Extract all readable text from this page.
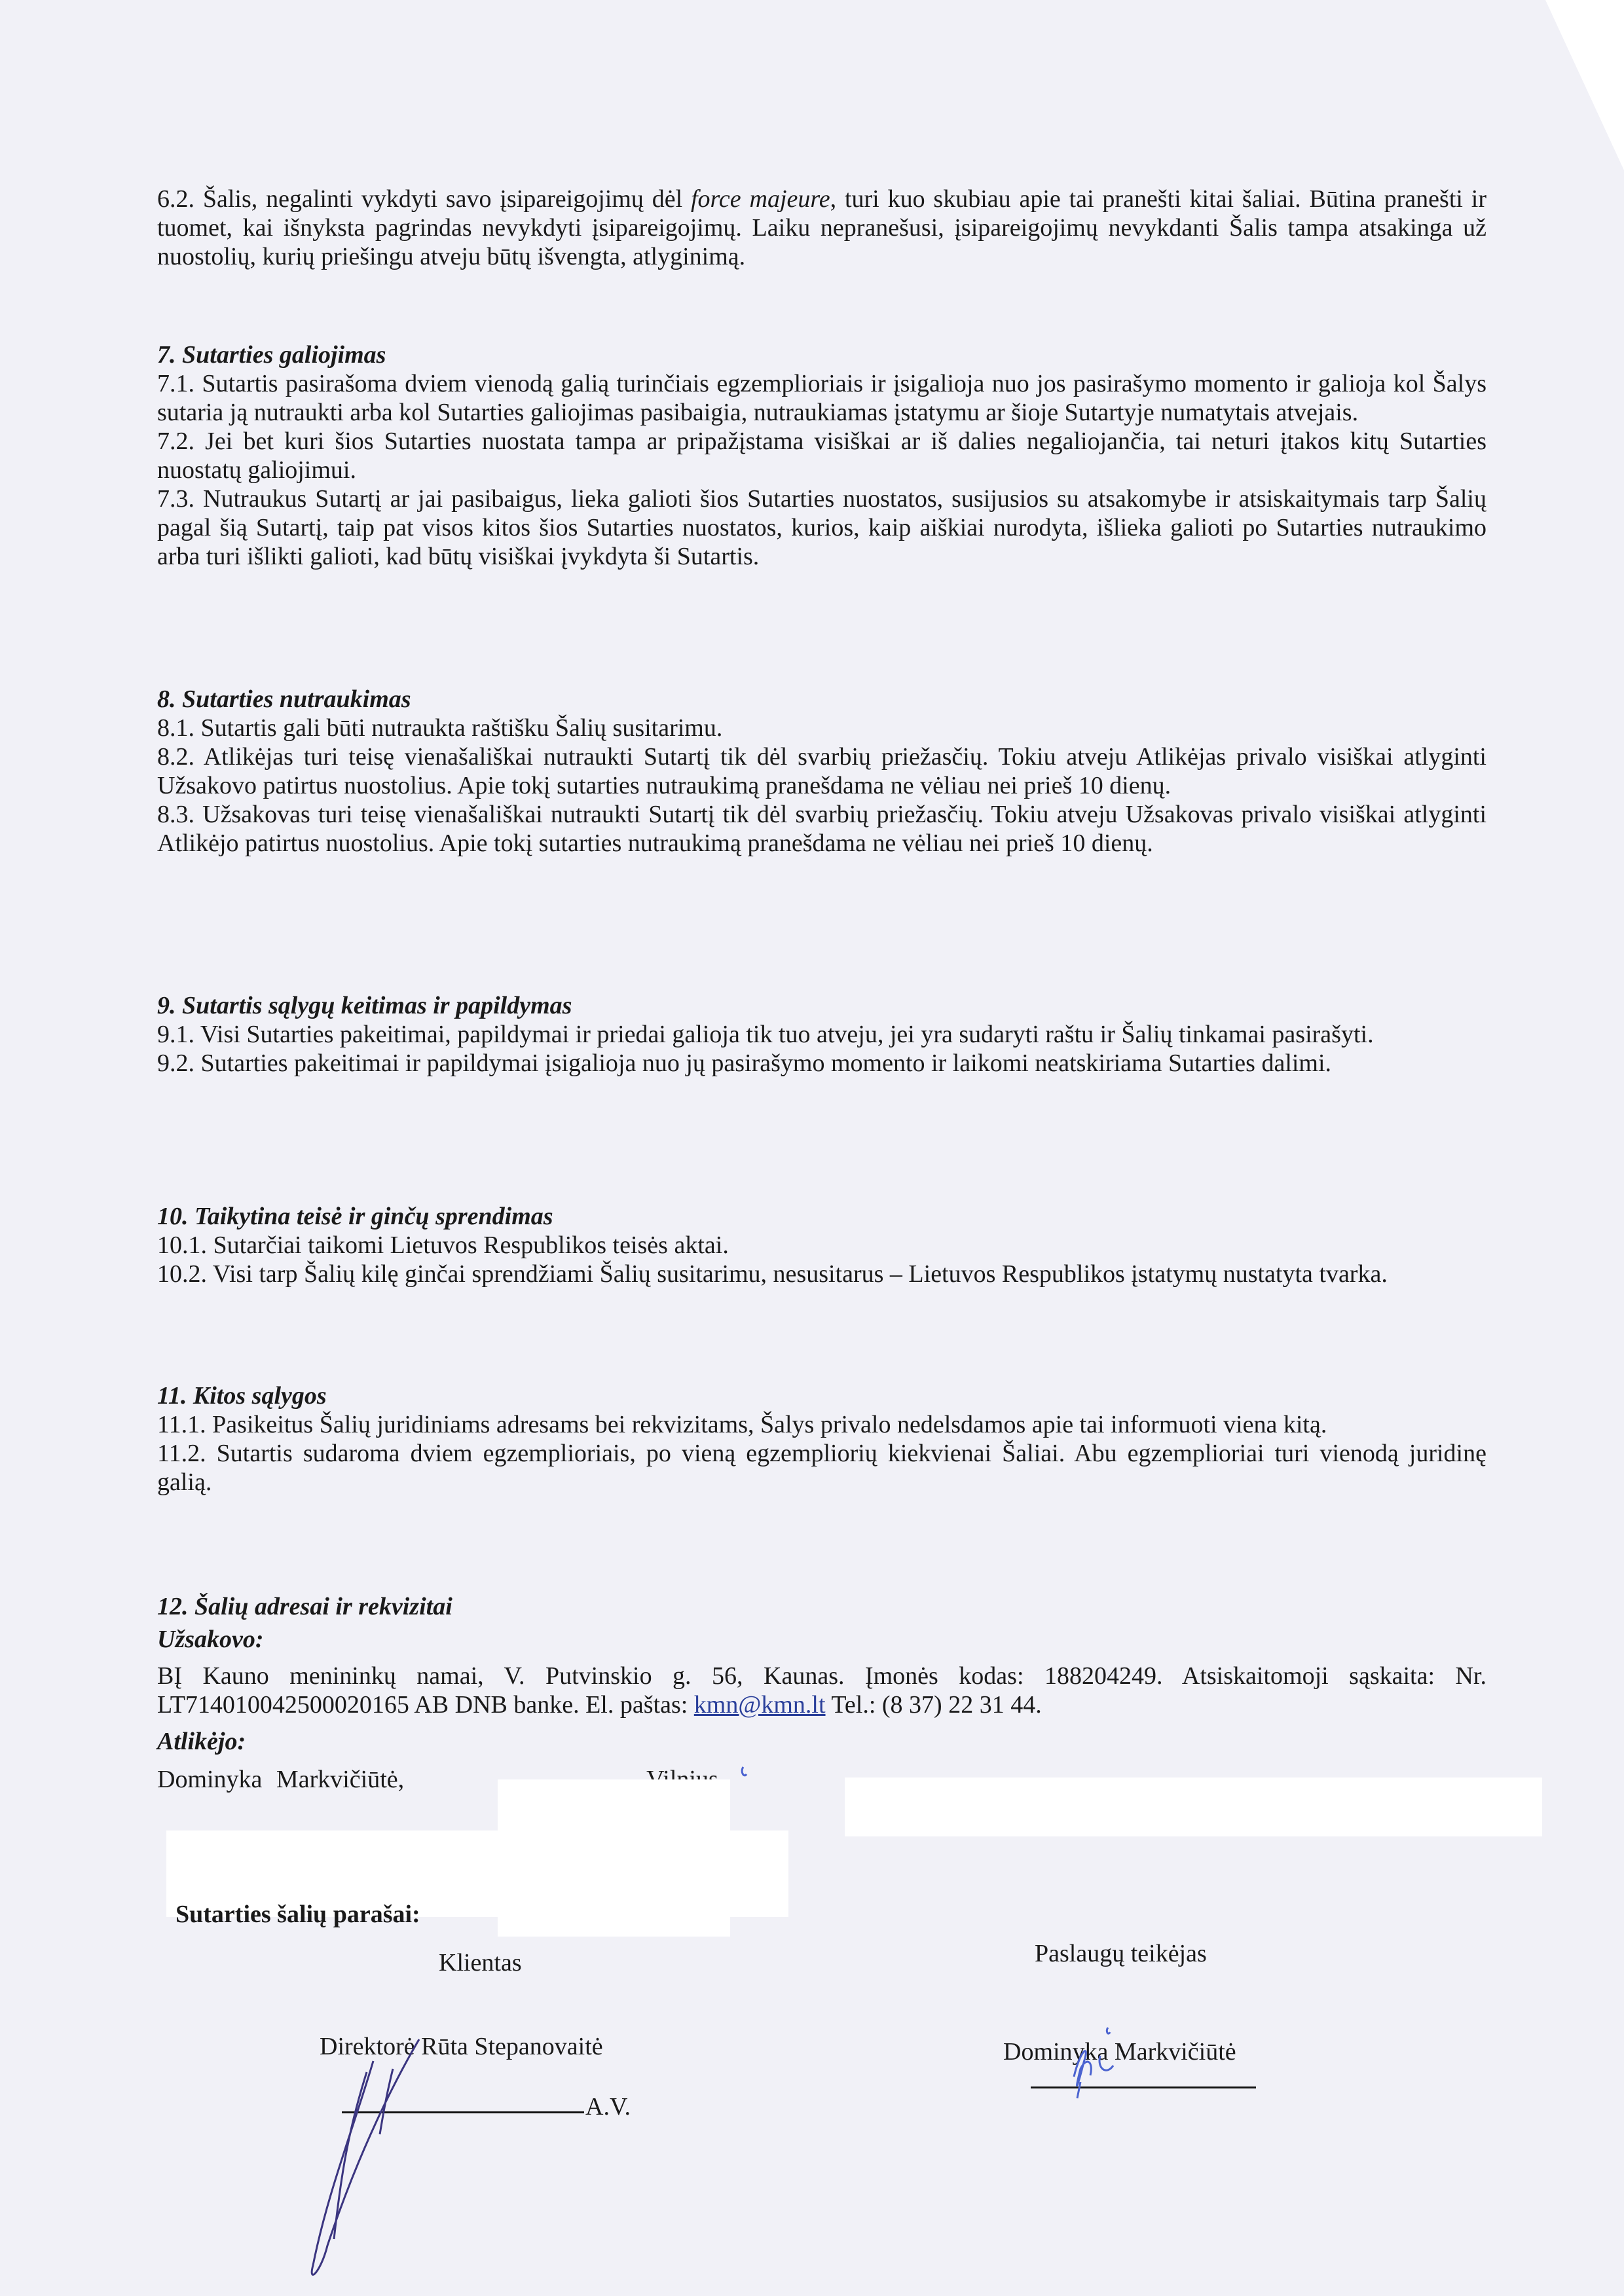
6.2. Šalis, negalinti vykdyti savo įsipareigojimų dėl force majeure, turi kuo skubiau apie tai pranešti kitai šaliai. Būtina pranešti ir tuomet, kai išnyksta pagrindas nevykdyti įsipareigojimų. Laiku nepranešusi, įsipareigojimų nevykdanti Šalis tampa atsakinga už nuostolių, kurių priešingu atveju būtų išvengta, atlyginimą.

7. Sutarties galiojimas

7.1. Sutartis pasirašoma dviem vienodą galią turinčiais egzemplioriais ir įsigalioja nuo jos pasirašymo momento ir galioja kol Šalys sutaria ją nutraukti arba kol Sutarties galiojimas pasibaigia, nutraukiamas įstatymu ar šioje Sutartyje numatytais atvejais.

7.2. Jei bet kuri šios Sutarties nuostata tampa ar pripažįstama visiškai ar iš dalies negaliojančia, tai neturi įtakos kitų Sutarties nuostatų galiojimui.

7.3. Nutraukus Sutartį ar jai pasibaigus, lieka galioti šios Sutarties nuostatos, susijusios su atsakomybe ir atsiskaitymais tarp Šalių pagal šią Sutartį, taip pat visos kitos šios Sutarties nuostatos, kurios, kaip aiškiai nurodyta, išlieka galioti po Sutarties nutraukimo arba turi išlikti galioti, kad būtų visiškai įvykdyta ši Sutartis.

8. Sutarties nutraukimas

8.1. Sutartis gali būti nutraukta raštišku Šalių susitarimu.

8.2. Atlikėjas turi teisę vienašališkai nutraukti Sutartį tik dėl svarbių priežasčių. Tokiu atveju Atlikėjas privalo visiškai atlyginti Užsakovo patirtus nuostolius. Apie tokį sutarties nutraukimą pranešdama ne vėliau nei prieš 10 dienų.

8.3. Užsakovas turi teisę vienašališkai nutraukti Sutartį tik dėl svarbių priežasčių. Tokiu atveju Užsakovas privalo visiškai atlyginti Atlikėjo patirtus nuostolius. Apie tokį sutarties nutraukimą pranešdama ne vėliau nei prieš 10 dienų.

9. Sutartis sąlygų keitimas ir papildymas

9.1. Visi Sutarties pakeitimai, papildymai ir priedai galioja tik tuo atveju, jei yra sudaryti raštu ir Šalių tinkamai pasirašyti.

9.2. Sutarties pakeitimai ir papildymai įsigalioja nuo jų pasirašymo momento ir laikomi neatskiriama Sutarties dalimi.

10. Taikytina teisė ir ginčų sprendimas

10.1. Sutarčiai taikomi Lietuvos Respublikos teisės aktai.

10.2. Visi tarp Šalių kilę ginčai sprendžiami Šalių susitarimu, nesusitarus – Lietuvos Respublikos įstatymų nustatyta tvarka.

11. Kitos sąlygos

11.1. Pasikeitus Šalių juridiniams adresams bei rekvizitams, Šalys privalo nedelsdamos apie tai informuoti viena kitą.

11.2. Sutartis sudaroma dviem egzemplioriais, po vieną egzempliorių kiekvienai Šaliai. Abu egzemplioriai turi vienodą juridinę galią.

12. Šalių adresai ir rekvizitai

Užsakovo:

BĮ Kauno menininkų namai, V. Putvinskio g. 56, Kaunas. Įmonės kodas: 188204249. Atsiskaitomoji sąskaita: Nr. LT714010042500020165 AB DNB banke. El. paštas: kmn@kmn.lt Tel.: (8 37) 22 31 44.

Atlikėjo:

Dominyka Markvičiūtė,

Sutarties šalių parašai:
Klientas	Paslaugų teikėjas
Direktorė Rūta Stepanovaitė	Dominyka Markvičiūtė
A.V.
